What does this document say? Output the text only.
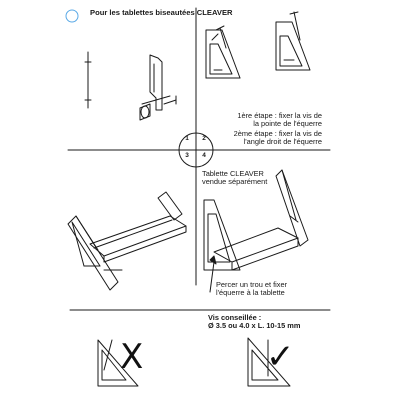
Pour les tablettes biseautées CLEAVER
1ère étape : fixer la vis de
la pointe de l'équerre
2ème étape : fixer la vis de
l'angle droit de l'équerre
1	2
3	4
Tablette CLEAVER
vendue séparément
Percer un trou et fixer
l'équerre à la tablette
Vis conseillée :
Ø 3.5 ou 4.0 x L. 10-15 mm
X	✓
